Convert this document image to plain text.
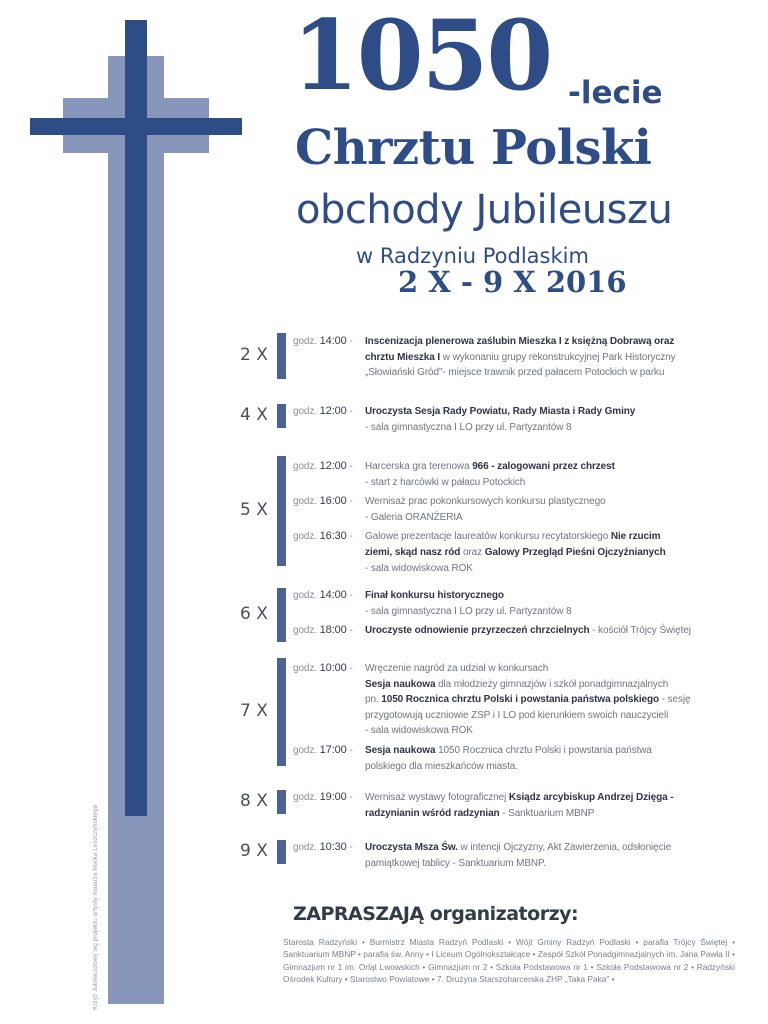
Krzyż Jubileuszowy wg projektu artysty malarza Marka Leszczyńskiego
1050 -lecie
Chrztu Polski
obchody Jubileuszu
w Radzyniu Podlaskim
2 X - 9 X 2016
2 X
godz. 14:00 -Inscenizacja plenerowa zaślubin Mieszka I z księżną Dobrawą oraz
chrztu Mieszka I w wykonaniu grupy rekonstrukcyjnej Park Historyczny
„Słowiański Gród"- miejsce trawnik przed pałacem Potockich w parku
4 X	godz. 12:00 -Uroczysta Sesja Rady Powiatu, Rady Miasta i Rady Gminy
- sala gimnastyczna I LO przy ul. Partyzantów 8
5 X
godz. 12:00 -Harcerska gra terenowa 966 - zalogowani przez chrzest
- start z harcówki w pałacu Potockich
godz. 16:00 -Wernisaż prac pokonkursowych konkursu plastycznego
- Galeria ORANŻERIA
godz. 16:30 -Galowe prezentacje laureatów konkursu recytatorskiego Nie rzucim
ziemi, skąd nasz ród oraz Galowy Przegląd Pieśni Ojczyźnianych
- sala widowiskowa ROK
6 X
godz. 14:00 -Finał konkursu historycznego
- sala gimnastyczna I LO przy ul. Partyzantów 8
godz. 18:00 -Uroczyste odnowienie przyrzeczeń chrzcielnych - kościół Trójcy Świętej
7 X
godz. 10:00 -Wręczenie nagród za udział w konkursach
Sesja naukowa dla młodzieży gimnazjów i szkół ponadgimnazjalnych
pn. 1050 Rocznica chrztu Polski i powstania państwa polskiego - sesję
przygotowują uczniowie ZSP i I LO pod kierunkiem swoich nauczycieli
- sala widowiskowa ROK
godz. 17:00 -Sesja naukowa 1050 Rocznica chrztu Polski i powstania państwa
polskiego dla mieszkańców miasta.
8 X	godz. 19:00 -Wernisaż wystawy fotograficznej Ksiądz arcybiskup Andrzej Dzięga -
radzynianin wśród radzynian - Sanktuarium MBNP
9 X	godz. 10:30 -Uroczysta Msza Św. w intencji Ojczyzny, Akt Zawierzenia, odsłonięcie
pamiątkowej tablicy - Sanktuarium MBNP.
ZAPRASZAJĄ organizatorzy:
Starosta Radzyński • Burmistrz Miasta Radzyń Podlaski • Wójt Gminy Radzyń Podlaski • parafia Trójcy Świętej • Sanktuarium MBNP • parafia św. Anny • I Liceum Ogólnokształcące • Zespół Szkół Ponadgimnazjalnych im. Jana Pawła II • Gimnazjum nr 1 im. Orląt Lwowskich • Gimnazjum nr 2 • Szkoła Podstawowa nr 1 • Szkoła Podstawowa nr 2 • Radzyński Ośrodek Kultury • Starostwo Powiatowe • 7. Drużyna Starszoharcerska ZHP „Taka Paka" •
